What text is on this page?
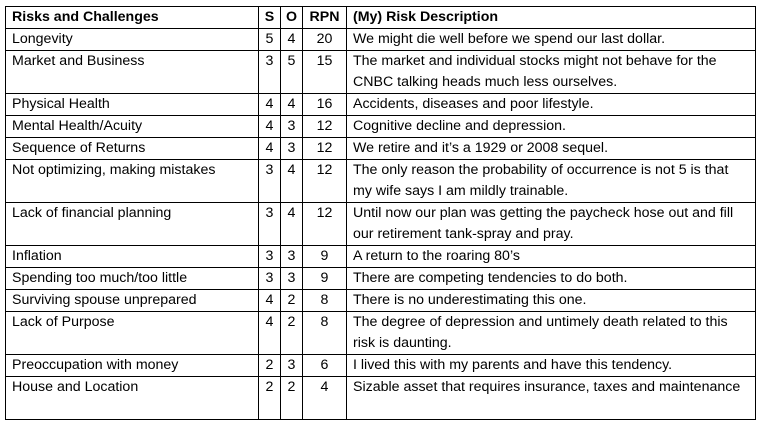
Risks and Challenges	S	O	RPN	(My) Risk Description
Longevity	5	4	20	We might die well before we spend our last dollar.
Market and Business	3	5	15	The market and individual stocks might not behave for the CNBC talking heads much less ourselves.
Physical Health	4	4	16	Accidents, diseases and poor lifestyle.
Mental Health/Acuity	4	3	12	Cognitive decline and depression.
Sequence of Returns	4	3	12	We retire and it’s a 1929 or 2008 sequel.
Not optimizing, making mistakes	3	4	12	The only reason the probability of occurrence is not 5 is that my wife says I am mildly trainable.
Lack of financial planning	3	4	12	Until now our plan was getting the paycheck hose out and fill our retirement tank-spray and pray.
Inflation	3	3	9	A return to the roaring 80’s
Spending too much/too little	3	3	9	There are competing tendencies to do both.
Surviving spouse unprepared	4	2	8	There is no underestimating this one.
Lack of Purpose	4	2	8	The degree of depression and untimely death related to this risk is daunting.
Preoccupation with money	2	3	6	I lived this with my parents and have this tendency.
House and Location	2	2	4	Sizable asset that requires insurance, taxes and maintenance
